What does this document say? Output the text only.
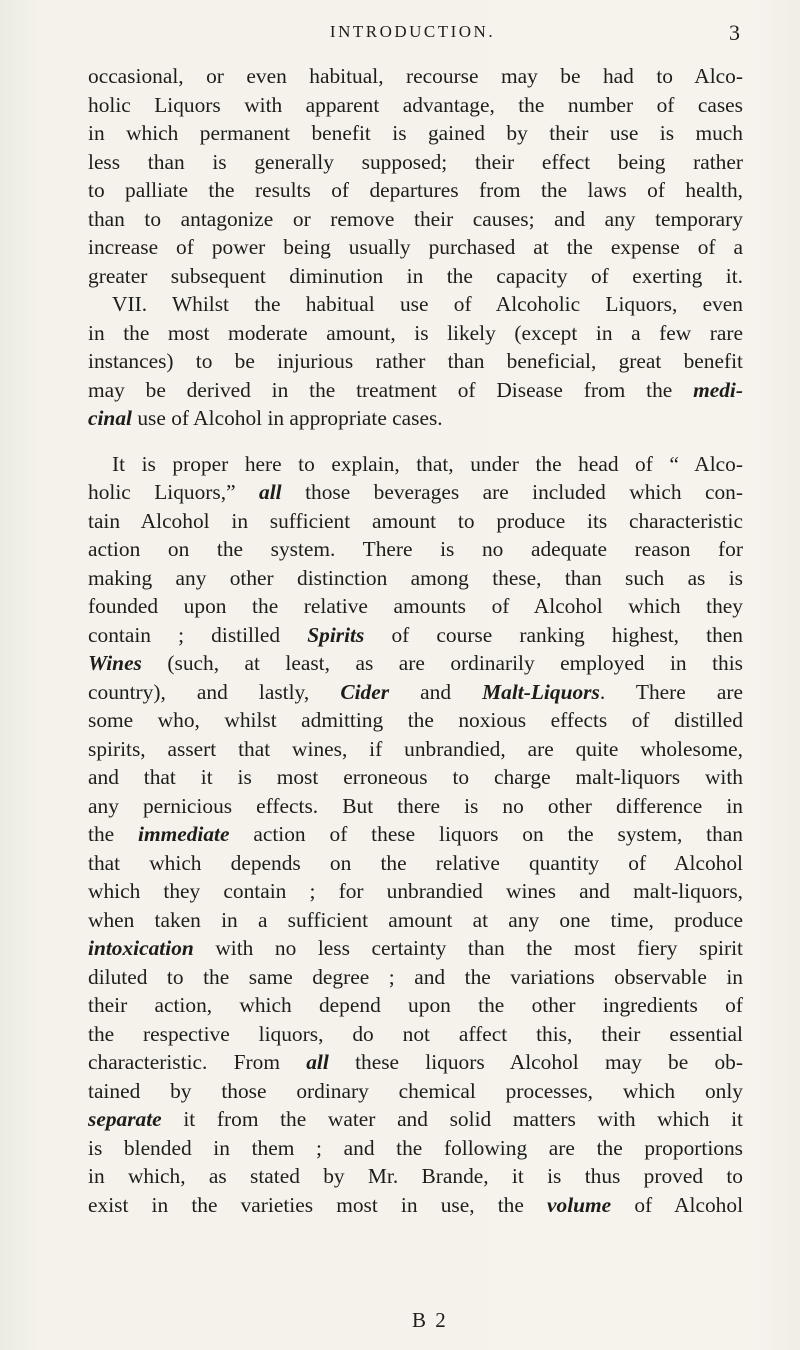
INTRODUCTION.	3
occasional, or even habitual, recourse may be had to Alco-
holic Liquors with apparent advantage, the number of cases
in which permanent benefit is gained by their use is much
less than is generally supposed; their effect being rather
to palliate the results of departures from the laws of health,
than to antagonize or remove their causes; and any temporary
increase of power being usually purchased at the expense of a
greater subsequent diminution in the capacity of exerting it.
VII. Whilst the habitual use of Alcoholic Liquors, even
in the most moderate amount, is likely (except in a few rare
instances) to be injurious rather than beneficial, great benefit
may be derived in the treatment of Disease from the medi-
cinal use of Alcohol in appropriate cases.
It is proper here to explain, that, under the head of “ Alco-
holic Liquors,” all those beverages are included which con-
tain Alcohol in sufficient amount to produce its characteristic
action on the system. There is no adequate reason for
making any other distinction among these, than such as is
founded upon the relative amounts of Alcohol which they
contain ; distilled Spirits of course ranking highest, then
Wines (such, at least, as are ordinarily employed in this
country), and lastly, Cider and Malt-Liquors. There are
some who, whilst admitting the noxious effects of distilled
spirits, assert that wines, if unbrandied, are quite wholesome,
and that it is most erroneous to charge malt-liquors with
any pernicious effects. But there is no other difference in
the immediate action of these liquors on the system, than
that which depends on the relative quantity of Alcohol
which they contain ; for unbrandied wines and malt-liquors,
when taken in a sufficient amount at any one time, produce
intoxication with no less certainty than the most fiery spirit
diluted to the same degree ; and the variations observable in
their action, which depend upon the other ingredients of
the respective liquors, do not affect this, their essential
characteristic. From all these liquors Alcohol may be ob-
tained by those ordinary chemical processes, which only
separate it from the water and solid matters with which it
is blended in them ; and the following are the proportions
in which, as stated by Mr. Brande, it is thus proved to
exist in the varieties most in use, the volume of Alcohol
B 2
